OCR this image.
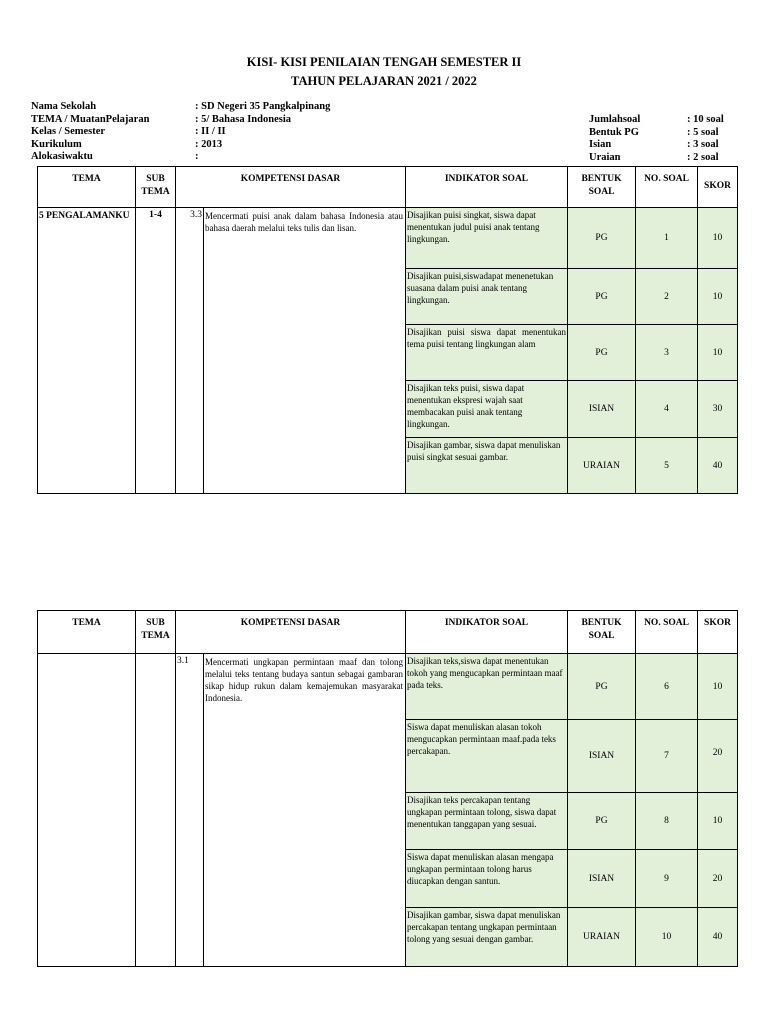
KISI- KISI PENILAIAN TENGAH SEMESTER II
TAHUN PELAJARAN 2021 / 2022
Nama Sekolah	: SD Negeri 35 Pangkalpinang
TEMA / MuatanPelajaran	: 5/ Bahasa Indonesia
Kelas / Semester	: II / II
Kurikulum	: 2013
Alokasiwaktu	:
Jumlahsoal	: 10 soal
Bentuk PG	: 5 soal
Isian	: 3 soal
Uraian	: 2 soal
TEMA	SUB TEMA	KOMPETENSI DASAR		INDIKATOR SOAL	BENTUK SOAL	NO. SOAL	SKOR
5 PENGALAMANKU	1-4	3.3	Mencermati puisi anak dalam bahasa Indonesia atau bahasa daerah melalui teks tulis dan lisan.	Disajikan puisi singkat, siswa dapat menentukan judul puisi anak tentang lingkungan.	PG	1	10
				Disajikan puisi,siswadapat menenetukan suasana dalam puisi anak tentang lingkungan.	PG	2	10
				Disajikan puisi siswa dapat menentukan tema puisi tentang lingkungan alam	PG	3	10
				Disajikan teks puisi, siswa dapat menentukan ekspresi wajah saat membacakan puisi anak tentang lingkungan.	ISIAN	4	30
				Disajikan gambar, siswa dapat menuliskan puisi singkat sesuai gambar.	URAIAN	5	40
TEMA	SUB TEMA	KOMPETENSI DASAR		INDIKATOR SOAL	BENTUK SOAL	NO. SOAL	SKOR
		3.1	Mencermati ungkapan permintaan maaf dan tolong melalui teks tentang budaya santun sebagai gambaran sikap hidup rukun dalam kemajemukan masyarakat Indonesia.	Disajikan teks,siswa dapat menentukan tokoh yang mengucapkan permintaan maaf pada teks.	PG	6	10
				Siswa dapat menuliskan alasan tokoh mengucapkan permintaan maaf.pada teks percakapan.	ISIAN	7	20
				Disajikan teks percakapan tentang ungkapan permintaan tolong, siswa dapat menentukan tanggapan yang sesuai.	PG	8	10
				Siswa dapat menuliskan alasan mengapa ungkapan permintaan tolong harus diucapkan dengan santun.	ISIAN	9	20
				Disajikan gambar, siswa dapat menuliskan percakapan tentang ungkapan permintaan tolong yang sesuai dengan gambar.	URAIAN	10	40
